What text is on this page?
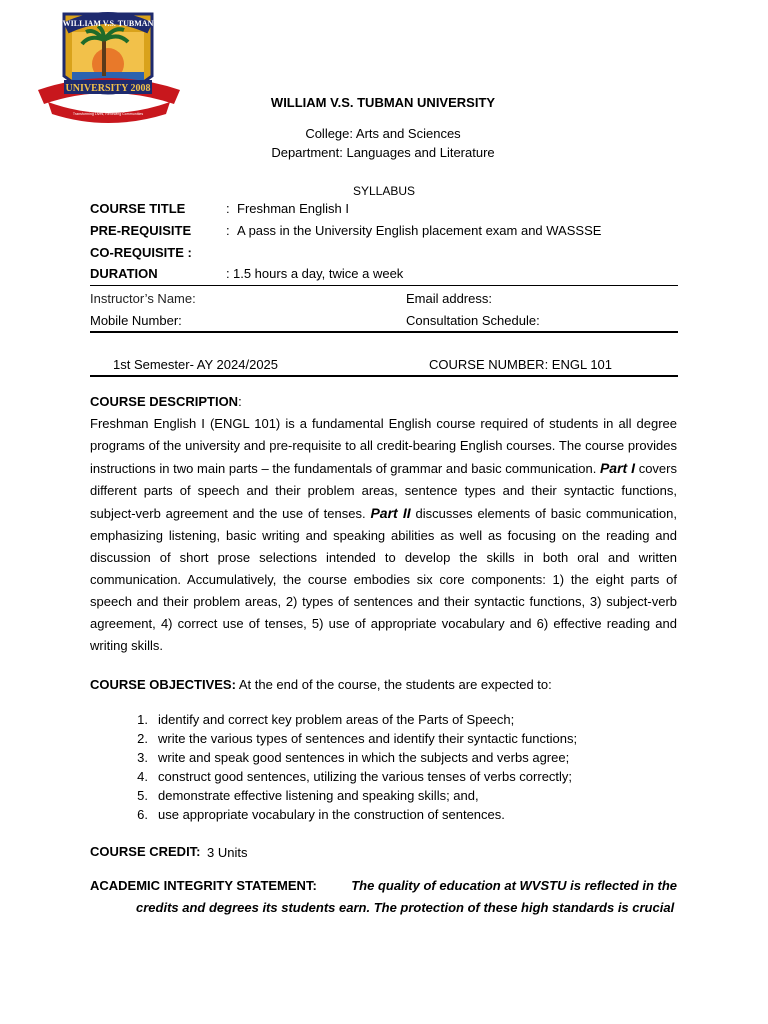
WILLIAM V.S. TUBMAN
UNIVERSITY 2008
Transforming Lives, Renewing Communities
WILLIAM V.S. TUBMAN UNIVERSITY
College: Arts and Sciences
Department: Languages and Literature
SYLLABUS
COURSE TITLE	: Freshman English I
PRE-REQUISITE	: A pass in the University English placement exam and WASSSE
CO-REQUISITE :
DURATION	: 1.5 hours a day, twice a week
Instructor’s Name:	Email address:
Mobile Number:	Consultation Schedule:
1st Semester- AY 2024/2025	COURSE NUMBER: ENGL 101
COURSE DESCRIPTION:
Freshman English I (ENGL 101) is a fundamental English course required of students in all degree programs of the university and pre-requisite to all credit-bearing English courses. The course provides instructions in two main parts – the fundamentals of grammar and basic communication. Part I covers different parts of speech and their problem areas, sentence types and their syntactic functions, subject-verb agreement and the use of tenses. Part II discusses elements of basic communication, emphasizing listening, basic writing and speaking abilities as well as focusing on the reading and discussion of short prose selections intended to develop the skills in both oral and written communication. Accumulatively, the course embodies six core components: 1) the eight parts of speech and their problem areas, 2) types of sentences and their syntactic functions, 3) subject-verb agreement, 4) correct use of tenses, 5) use of appropriate vocabulary and 6) effective reading and writing skills.
COURSE OBJECTIVES: At the end of the course, the students are expected to:
1. identify and correct key problem areas of the Parts of Speech;
2. write the various types of sentences and identify their syntactic functions;
3. write and speak good sentences in which the subjects and verbs agree;
4. construct good sentences, utilizing the various tenses of verbs correctly;
5. demonstrate effective listening and speaking skills; and,
6. use appropriate vocabulary in the construction of sentences.
COURSE CREDIT: 3 Units
ACADEMIC INTEGRITY STATEMENT:	The quality of education at WVSTU is reflected in the
credits and degrees its students earn. The protection of these high standards is crucial
